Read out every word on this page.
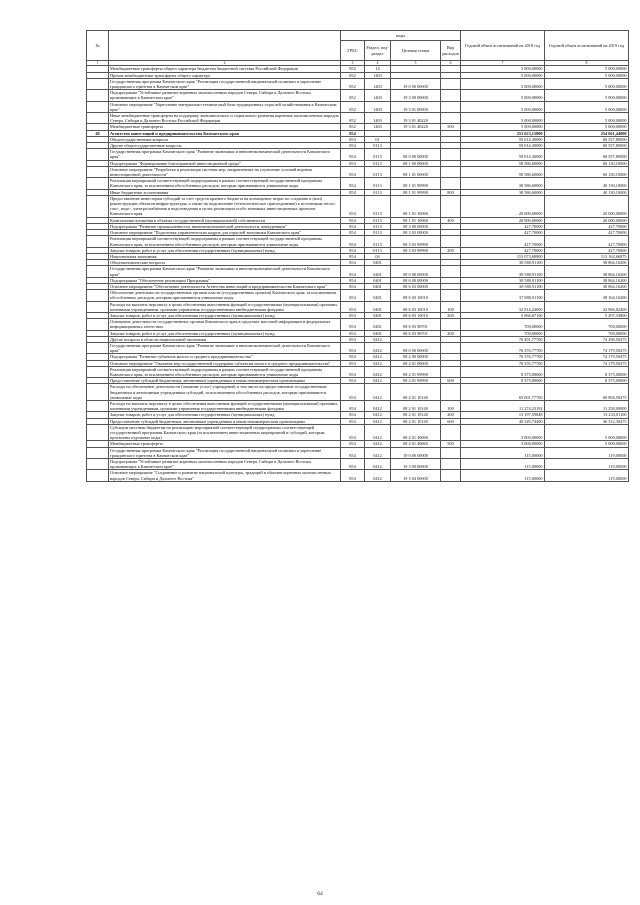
№		коды				Годовой объем ассигнований на 2018 год	Годовой объем ассигнований на 2019 год
		ГРБС	Раздел, под-раздел	Целевая статья	Вид расходов		
1	2	3	4	5	6	7	8
	Межбюджетные трансферты общего характера бюджетам бюджетной системы Российской Федерации	852	14			5 000,00000	5 000,00000
	Прочие межбюджетные трансферты общего характера	852	1403			5 000,00000	5 000,00000
	Государственная программа Камчатского края "Реализация государственной национальной политики и укрепление гражданского единства в Камчатском крае"	852	1403	19 0 00 00000		5 000,00000	5 000,00000
	Подпрограмма "Устойчивое развитие коренных малочисленных народов Севера, Сибири и Дальнего Востока, проживающих в Камчатском крае"	852	1403	19 3 00 00000		5 000,00000	5 000,00000
	Основное мероприятие "Укрепление материально-технической базы традиционных отраслей хозяйствования в Камчатском крае"	852	1403	19 3 01 00000		5 000,00000	5 000,00000
	Иные межбюджетные трансферты на поддержку экономического и социального развития коренных малочисленных народов Севера, Сибири и Дальнего Востока Российской Федерации	852	1403	19 3 01 40220		5 000,00000	5 000,00000
	Межбюджетные трансферты	852	1403	19 3 01 40220	500	5 000,00000	5 000,00000
40	Агентство инвестиций и предпринимательства Камчатского края	854				253 023,15800	254 661,44000
	Общегосударственные вопросы	854	01			59 014,30000	60 557,80000
	Другие общегосударственные вопросы	854	0113			59 014,30000	60 557,80000
	Государственная программа Камчатского края "Развитие экономики и внешнеэкономической деятельности Камчатского края"	854	0113	08 0 00 00000		59 014,30000	60 557,80000
	Подпрограмма "Формирование благоприятной инвестиционной среды"	854	0113	08 1 00 00000		58 586,60000	60 130,10000
	Основное мероприятие "Разработка и реализация системы мер, направленных на улучшение условий ведения инвестиционной деятельности"	854	0113	08 1 01 00000		58 586,60000	60 130,10000
	Реализация мероприятий соответствующей подпрограммы в рамках соответствующей государственной программы Камчатского края, за исключением обособленных расходов, которым присваиваются уникальные коды	854	0113	08 1 01 99990		38 586,60000	40 130,10000
	Иные бюджетные ассигнования	854	0113	08 1 01 99990	800	38 586,60000	40 130,10000
	Предоставление инвесторам субсидий за счет средств краевого бюджета на возмещение затрат по созданию и (или) реконструкции объектов инфраструктуры, а также на подключение (технологическое присоединение) к источникам тепло-, газо-, водо-, электроснабжения и водоотведения в целях реализации особо значимых инвестиционных проектов Камчатского края	854	0113	08 1 01 10060		20 000,00000	20 000,00000
	Капитальные вложения в объекты государственной (муниципальной) собственности	854	0113	08 1 01 10060	400	20 000,00000	20 000,00000
	Подпрограмма "Развитие промышленности, внешнеэкономической деятельности, конкуренции"	854	0113	08 3 00 00000		427,70000	427,70000
	Основное мероприятие "Подготовка управленческих кадров для отраслей экономики Камчатского края"	854	0113	08 3 03 00000		427,70000	427,70000
	Реализация мероприятий соответствующей подпрограммы в рамках соответствующей государственной программы Камчатского края, за исключением обособленных расходов, которым присваиваются уникальные коды	854	0113	08 3 03 99990		427,70000	427,70000
	Закупка товаров, работ и услуг для обеспечения государственных (муниципальных) нужд	854	0113	08 3 03 99990	200	427,70000	427,70000
	Национальная экономика	854	04			115 073,68800	113 162,66875
	Общеэкономические вопросы	854	0401			38 580,91100	38 864,16200
	Государственная программа Камчатского края "Развитие экономики и внешнеэкономической деятельности Камчатского края"	854	0401	08 0 00 00000		38 580,91100	38 864,16200
	Подпрограмма "Обеспечение реализации Программы"	854	0401	08 6 00 00000		38 580,91100	38 864,16200
	Основное мероприятие "Обеспечение деятельности Агентства инвестиций и предпринимательства Камчатского края"	854	0401	08 6 03 00000		38 580,91100	38 864,16200
	Обеспечение деятельности государственных органов власти (государственных органов) Камчатского края, за исключением обособленных расходов, которым присваиваются уникальные коды	854	0401	08 6 03 10010		37 880,91100	38 164,16200
	Расходы на выплаты персоналу в целях обеспечения выполнения функций государственными (муниципальными) органами, казенными учреждениями, органами управления государственными внебюджетными фондами	854	0401	08 6 03 10010	100	32 814,24000	32 866,82400
	Закупка товаров, работ и услуг для обеспечения государственных (муниципальных) нужд	854	0401	08 6 03 10010	200	5 066,67100	5 297,33800
	Освещение деятельности государственных органов Камчатского края в средствах массовой информации и федеральных информационных агентствах	854	0401	08 6 03 98701		700,00000	700,00000
	Закупка товаров, работ и услуг для обеспечения государственных (муниципальных) нужд	854	0401	08 6 03 98701	200	700,00000	700,00000
	Другие вопросы в области национальной экономики	854	0412			76 491,77700	74 298,50475
	Государственная программа Камчатского края "Развитие экономики и внешнеэкономической деятельности Камчатского края"	854	0412	08 0 00 00000		76 376,77700	74 179,50475
	Подпрограмма "Развитие субъектов малого и среднего предпринимательства"	854	0412	08 2 00 00000		76 376,77700	74 179,50475
	Основное мероприятие "Оказание мер государственной поддержки субъектам малого и среднего предпринимательства"	854	0412	08 2 01 00000		76 376,77700	74 179,50475
	Реализация мероприятий соответствующей подпрограммы в рамках соответствующей государственной программы Камчатского края, за исключением обособленных расходов, которым присваиваются уникальные коды	854	0412	08 2 01 99990		8 375,00000	8 375,00000
	Предоставление субсидий бюджетным, автономным учреждениям и иным некоммерческим организациям	854	0412	08 2 01 99990	600	8 375,00000	8 375,00000
	Расходы на обеспечение деятельности (оказание услуг) учреждений, в том числе на предоставление государственным бюджетным и автономным учреждениям субсидий, за исключением обособленных расходов, которым присваиваются уникальные коды	854	0412	08 2 01 10140		65 001,77700	60 804,50475
	Расходы на выплаты персоналу в целях обеспечения выполнения функций государственными (муниципальными) органами, казенными учреждениями, органами управления государственными внебюджетными фондами	854	0412	08 2 01 10140	100	11 274,23192	11 258,09000
	Закупка товаров, работ и услуг для обеспечения государственных (муниципальных) нужд	854	0412	08 2 01 10140	200	13 197,59848	13 233,01100
	Предоставление субсидий бюджетным, автономным учреждениям и иным некоммерческим организациям	854	0412	08 2 01 10140	600	40 529,74400	36 312,30475
	Субсидии местным бюджетам на реализацию мероприятий соответствующей подпрограммы соответствующей государственной программы Камчатского края (за исключением инвестиционных мероприятий и субсидий, которым присвоены отдельные коды)	854	0412	08 2 01 40060		3 000,00000	5 000,00000
	Межбюджетные трансферты	854	0412	08 2 01 40060	500	3 000,00000	5 000,00000
	Государственная программа Камчатского края "Реализация государственной национальной политики и укрепление гражданского единства в Камчатском крае"	854	0412	19 0 00 00000		115,00000	119,00000
	Подпрограмма "Устойчивое развитие коренных малочисленных народов Севера, Сибири и Дальнего Востока, проживающих в Камчатском крае"	854	0412	19 3 00 00000		115,00000	119,00000
	Основное мероприятие "Сохранение и развитие национальной культуры, традиций и обычаев коренных малочисленных народов Севера, Сибири и Дальнего Востока"	854	0412	19 3 04 00000		115,00000	119,00000
64
